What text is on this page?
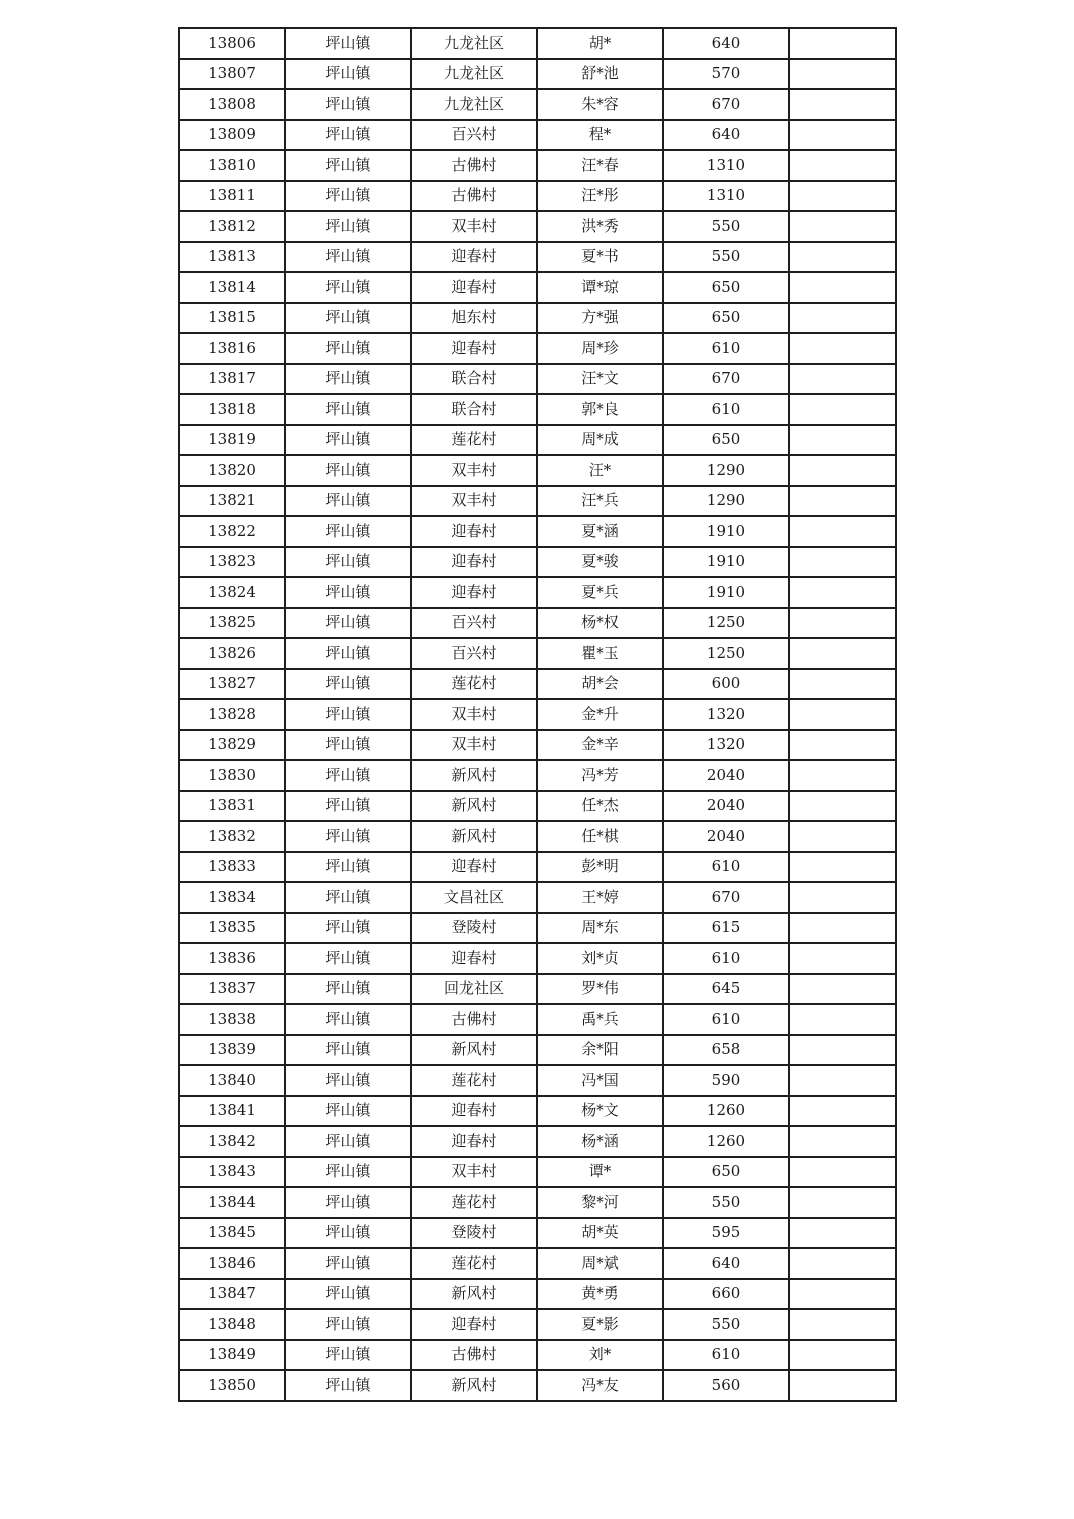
13806	坪山镇	九龙社区	胡*	640	
13807	坪山镇	九龙社区	舒*池	570	
13808	坪山镇	九龙社区	朱*容	670	
13809	坪山镇	百兴村	程*	640	
13810	坪山镇	古佛村	汪*春	1310	
13811	坪山镇	古佛村	汪*彤	1310	
13812	坪山镇	双丰村	洪*秀	550	
13813	坪山镇	迎春村	夏*书	550	
13814	坪山镇	迎春村	谭*琼	650	
13815	坪山镇	旭东村	方*强	650	
13816	坪山镇	迎春村	周*珍	610	
13817	坪山镇	联合村	汪*文	670	
13818	坪山镇	联合村	郭*良	610	
13819	坪山镇	莲花村	周*成	650	
13820	坪山镇	双丰村	汪*	1290	
13821	坪山镇	双丰村	汪*兵	1290	
13822	坪山镇	迎春村	夏*涵	1910	
13823	坪山镇	迎春村	夏*骏	1910	
13824	坪山镇	迎春村	夏*兵	1910	
13825	坪山镇	百兴村	杨*权	1250	
13826	坪山镇	百兴村	瞿*玉	1250	
13827	坪山镇	莲花村	胡*会	600	
13828	坪山镇	双丰村	金*升	1320	
13829	坪山镇	双丰村	金*辛	1320	
13830	坪山镇	新风村	冯*芳	2040	
13831	坪山镇	新风村	任*杰	2040	
13832	坪山镇	新风村	任*棋	2040	
13833	坪山镇	迎春村	彭*明	610	
13834	坪山镇	文昌社区	王*婷	670	
13835	坪山镇	登陵村	周*东	615	
13836	坪山镇	迎春村	刘*贞	610	
13837	坪山镇	回龙社区	罗*伟	645	
13838	坪山镇	古佛村	禹*兵	610	
13839	坪山镇	新风村	余*阳	658	
13840	坪山镇	莲花村	冯*国	590	
13841	坪山镇	迎春村	杨*文	1260	
13842	坪山镇	迎春村	杨*涵	1260	
13843	坪山镇	双丰村	谭*	650	
13844	坪山镇	莲花村	黎*河	550	
13845	坪山镇	登陵村	胡*英	595	
13846	坪山镇	莲花村	周*斌	640	
13847	坪山镇	新风村	黄*勇	660	
13848	坪山镇	迎春村	夏*影	550	
13849	坪山镇	古佛村	刘*	610	
13850	坪山镇	新风村	冯*友	560	
